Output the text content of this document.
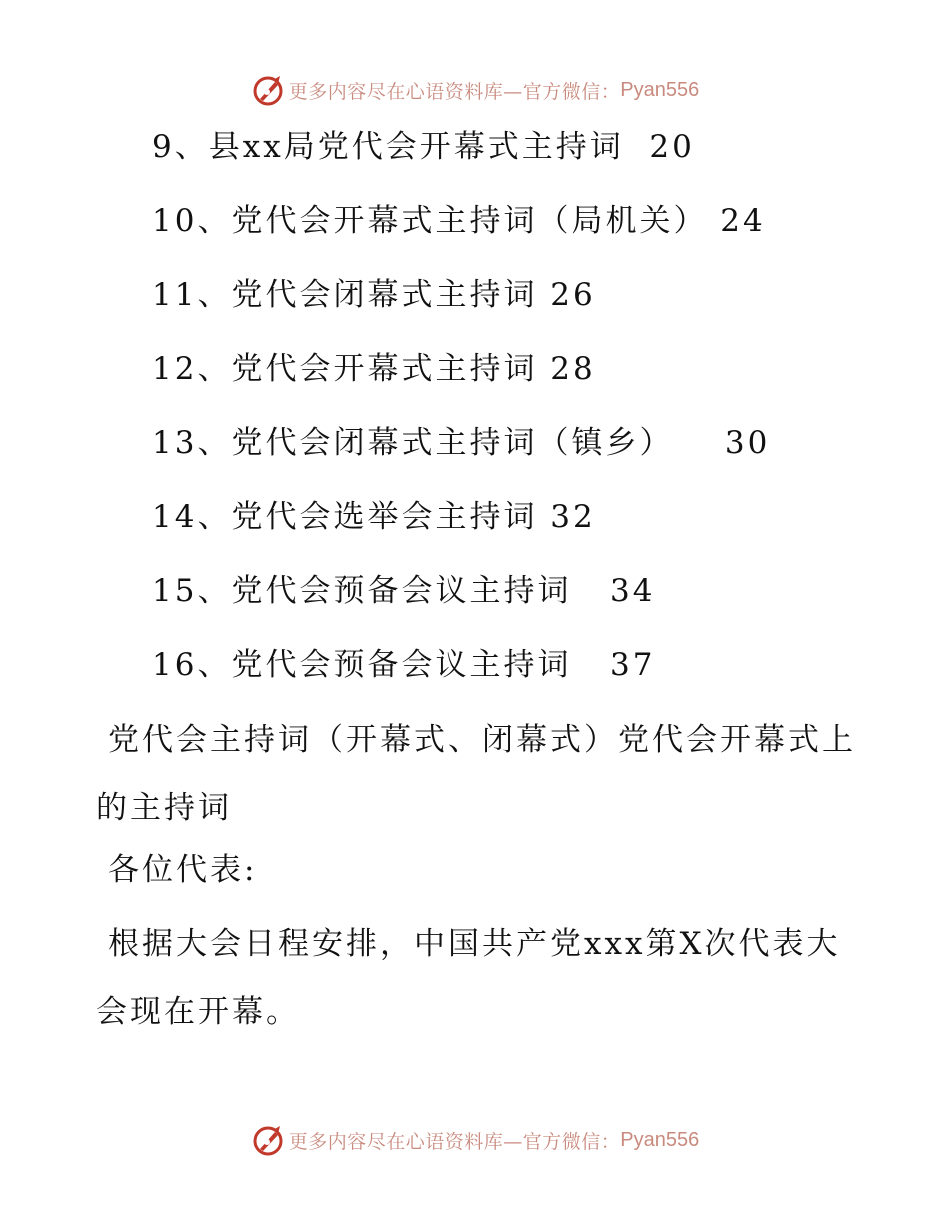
更多内容尽在心语资料库—官方微信： Pyan556
9、县xx局党代会开幕式主持词  20
10、党代会开幕式主持词（局机关） 24
11、党代会闭幕式主持词 26
12、党代会开幕式主持词 28
13、党代会闭幕式主持词（镇乡）    30
14、党代会选举会主持词 32
15、党代会预备会议主持词   34
16、党代会预备会议主持词   37

党代会主持词（开幕式、闭幕式）党代会开幕式上的主持词

各位代表:

根据大会日程安排，中国共产党xxx第X次代表大会现在开幕。

更多内容尽在心语资料库—官方微信： Pyan556
